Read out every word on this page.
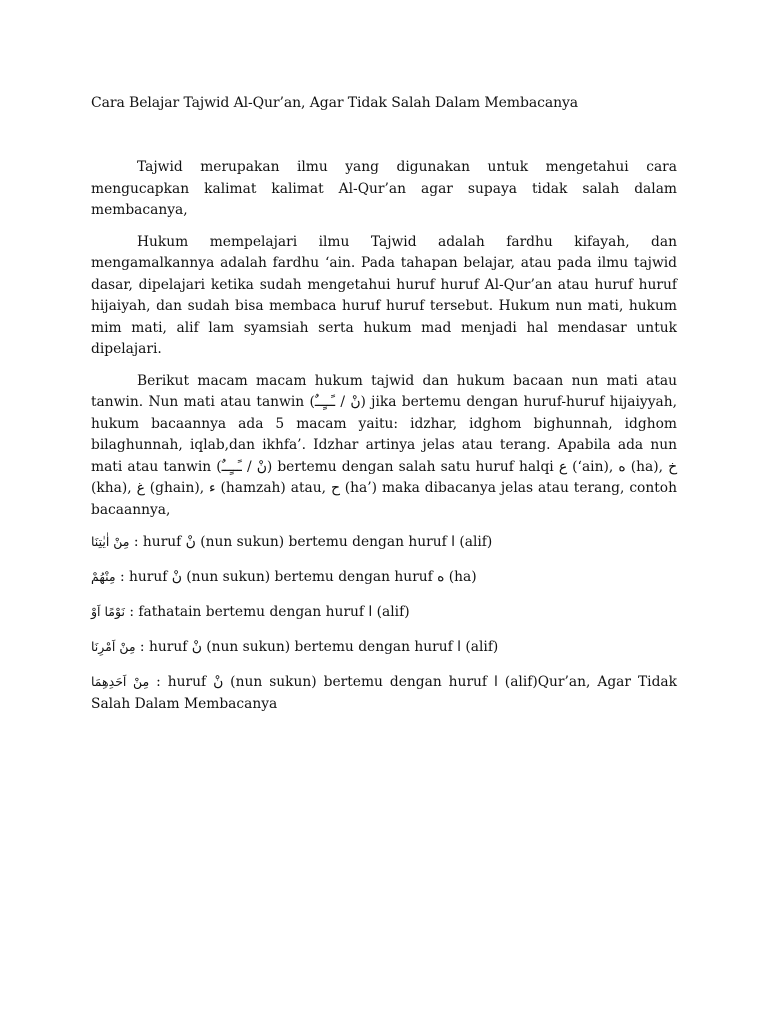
Cara Belajar Tajwid Al-Qur’an, Agar Tidak Salah Dalam Membacanya

Tajwid merupakan ilmu yang digunakan untuk mengetahui cara mengucapkan kalimat kalimat Al-Qur’an agar supaya tidak salah dalam membacanya,

Hukum mempelajari ilmu Tajwid adalah fardhu kifayah, dan mengamalkannya adalah fardhu ‘ain. Pada tahapan belajar, atau pada ilmu tajwid dasar, dipelajari ketika sudah mengetahui huruf huruf Al-Qur’an atau huruf huruf hijaiyah, dan sudah bisa membaca huruf huruf tersebut. Hukum nun mati, hukum mim mati, alif lam syamsiah serta hukum mad menjadi hal mendasar untuk dipelajari.

Berikut macam macam hukum tajwid dan hukum bacaan nun mati atau tanwin. Nun mati atau tanwin (نْ / ـًــٍــٌ) jika bertemu dengan huruf-huruf hijaiyyah, hukum bacaannya ada 5 macam yaitu: idzhar, idghom bighunnah, idghom bilaghunnah, iqlab,dan ikhfa’. Idzhar artinya jelas atau terang. Apabila ada nun mati atau tanwin (نْ / ـًــٍــٌ) bertemu dengan salah satu huruf halqi ع (‘ain), ه (ha), خ (kha), غ (ghain), ء (hamzah) atau, ح (ha’) maka dibacanya jelas atau terang, contoh bacaannya,

مِنْ اٰيٰتِنَا : huruf نْ (nun sukun) bertemu dengan huruf ا (alif)
مِنْهُمْ : huruf نْ (nun sukun) bertemu dengan huruf ه (ha)
نَوْمًا اَوْ : fathatain bertemu dengan huruf ا (alif)
مِنْ اَمْرِنَا : huruf نْ (nun sukun) bertemu dengan huruf ا (alif)
مِنْ اَحَدِهِمَا : huruf نْ (nun sukun) bertemu dengan huruf ا (alif)Qur’an, Agar Tidak Salah Dalam Membacanya
